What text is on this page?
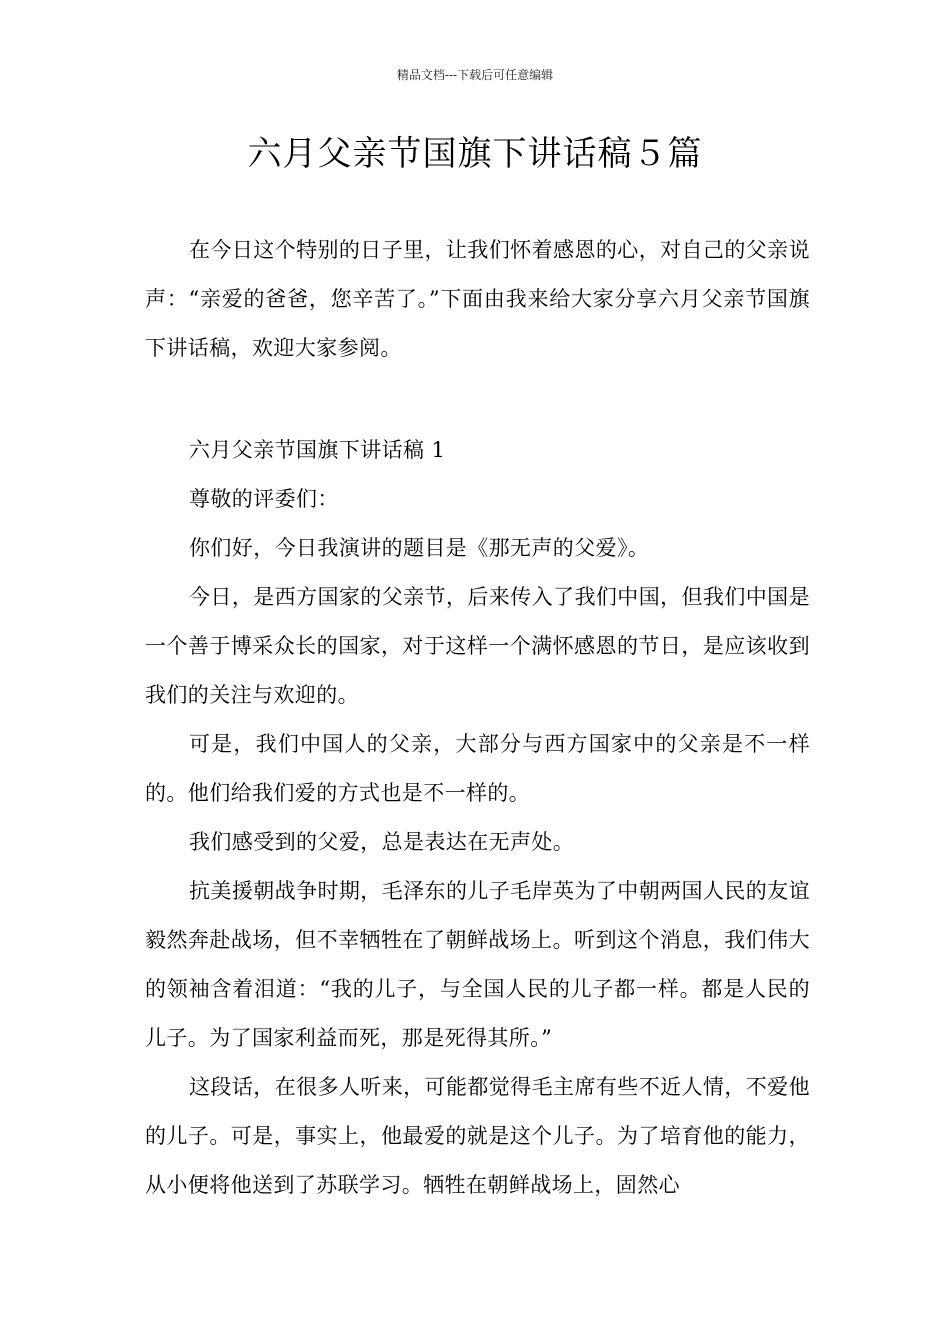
精品文档---下载后可任意编辑
六月父亲节国旗下讲话稿５篇

在今日这个特别的日子里，让我们怀着感恩的心，对自己的父亲说声：“亲爱的爸爸，您辛苦了。”下面由我来给大家分享六月父亲节国旗下讲话稿，欢迎大家参阅。

六月父亲节国旗下讲话稿 1

尊敬的评委们：

你们好，今日我演讲的题目是《那无声的父爱》。

今日，是西方国家的父亲节，后来传入了我们中国，但我们中国是一个善于博采众长的国家，对于这样一个满怀感恩的节日，是应该收到我们的关注与欢迎的。

可是，我们中国人的父亲，大部分与西方国家中的父亲是不一样的。他们给我们爱的方式也是不一样的。

我们感受到的父爱，总是表达在无声处。

抗美援朝战争时期，毛泽东的儿子毛岸英为了中朝两国人民的友谊毅然奔赴战场，但不幸牺牲在了朝鲜战场上。听到这个消息，我们伟大的领袖含着泪道：“我的儿子，与全国人民的儿子都一样。都是人民的儿子。为了国家利益而死，那是死得其所。”

这段话，在很多人听来，可能都觉得毛主席有些不近人情，不爱他的儿子。可是，事实上，他最爱的就是这个儿子。为了培育他的能力，从小便将他送到了苏联学习。牺牲在朝鲜战场上，固然心
